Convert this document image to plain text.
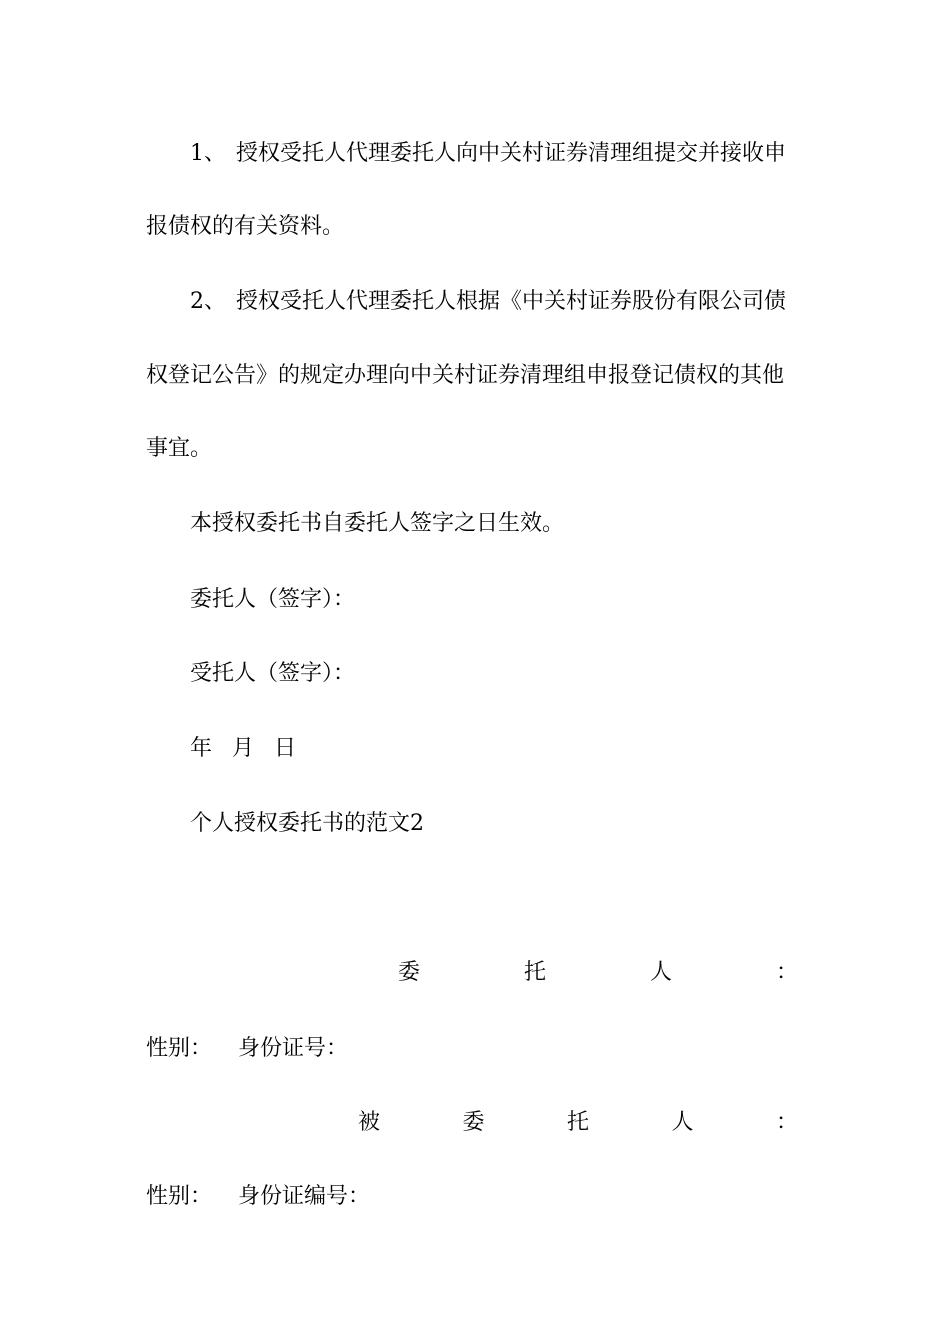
1、 授权受托人代理委托人向中关村证券清理组提交并接收申
报债权的有关资料。
2、 授权受托人代理委托人根据《中关村证券股份有限公司债
权登记公告》的规定办理向中关村证券清理组申报登记债权的其他
事宜。
本授权委托书自委托人签字之日生效。
委托人（签字）：
受托人（签字）：
年 月 日
个人授权委托书的范文2
委	托	人	：
性别： 身份证号：
被	委	托	人	：
性别： 身份证编号：
